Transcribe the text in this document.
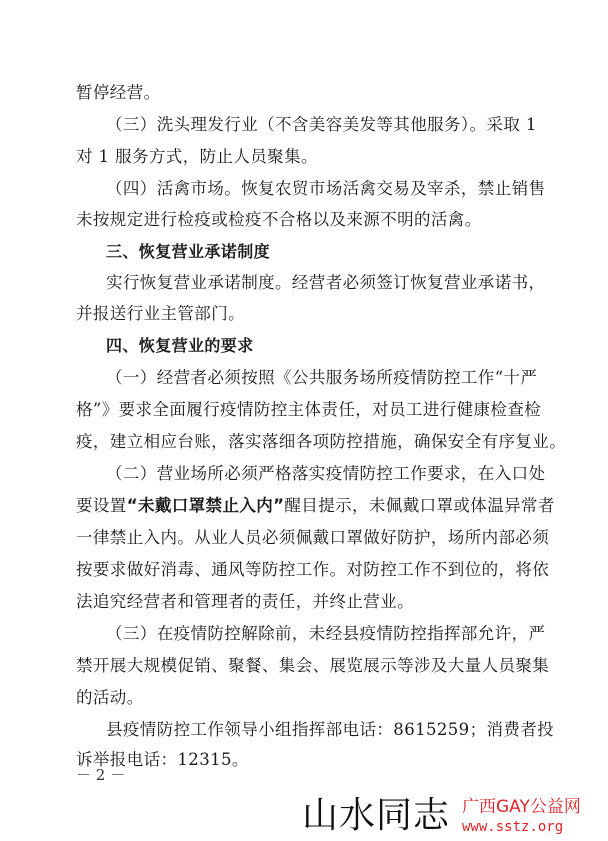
暂停经营。
（三）洗头理发行业（不含美容美发等其他服务）。采取 1
对 1 服务方式，防止人员聚集。
（四）活禽市场。恢复农贸市场活禽交易及宰杀，禁止销售
未按规定进行检疫或检疫不合格以及来源不明的活禽。
三、恢复营业承诺制度
实行恢复营业承诺制度。经营者必须签订恢复营业承诺书，
并报送行业主管部门。
四、恢复营业的要求
（一）经营者必须按照《公共服务场所疫情防控工作“十严
格”》要求全面履行疫情防控主体责任，对员工进行健康检查检
疫，建立相应台账，落实落细各项防控措施，确保安全有序复业。
（二）营业场所必须严格落实疫情防控工作要求，在入口处
要设置“未戴口罩禁止入内”醒目提示，未佩戴口罩或体温异常者
一律禁止入内。从业人员必须佩戴口罩做好防护，场所内部必须
按要求做好消毒、通风等防控工作。对防控工作不到位的，将依
法追究经营者和管理者的责任，并终止营业。
（三）在疫情防控解除前，未经县疫情防控指挥部允许，严
禁开展大规模促销、聚餐、集会、展览展示等涉及大量人员聚集
的活动。
县疫情防控工作领导小组指挥部电话：8615259；消费者投
诉举报电话：12315。
－ 2 －
山水同志 广西GAY公益网
www.sstz.org
